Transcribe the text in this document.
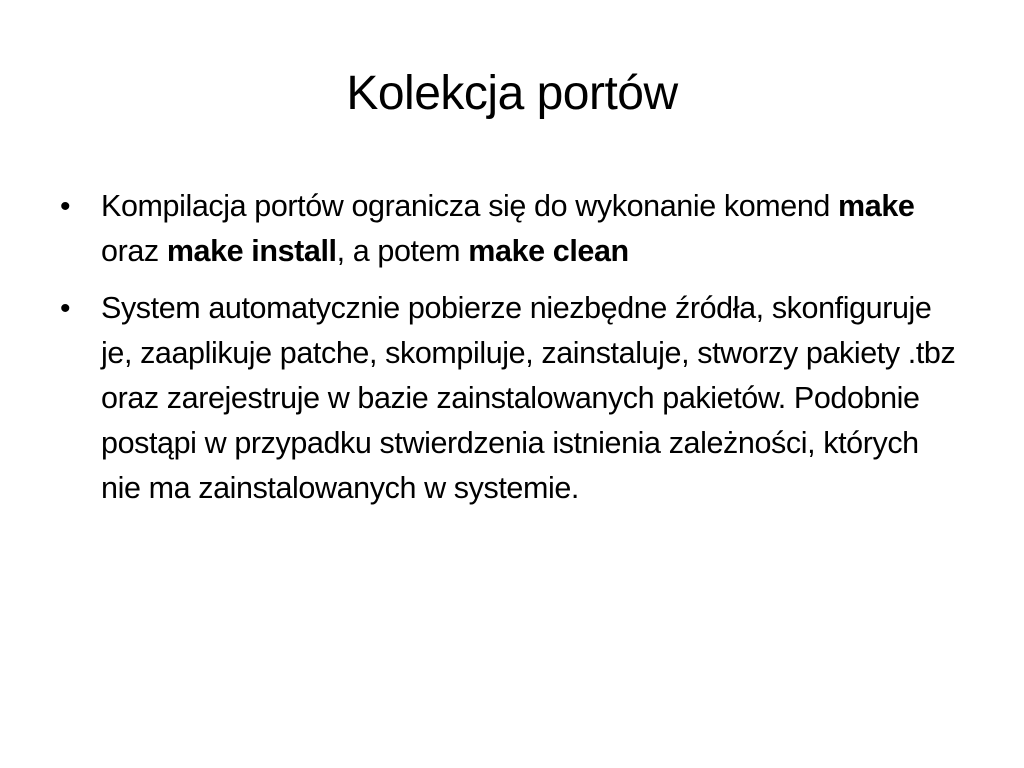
Kolekcja portów
• Kompilacja portów ogranicza się do wykonanie komend make oraz make install, a potem make clean
• System automatycznie pobierze niezbędne źródła, skonfiguruje je, zaaplikuje patche, skompiluje, zainstaluje, stworzy pakiety .tbz oraz zarejestruje w bazie zainstalowanych pakietów. Podobnie postąpi w przypadku stwierdzenia istnienia zależności, których nie ma zainstalowanych w systemie.
